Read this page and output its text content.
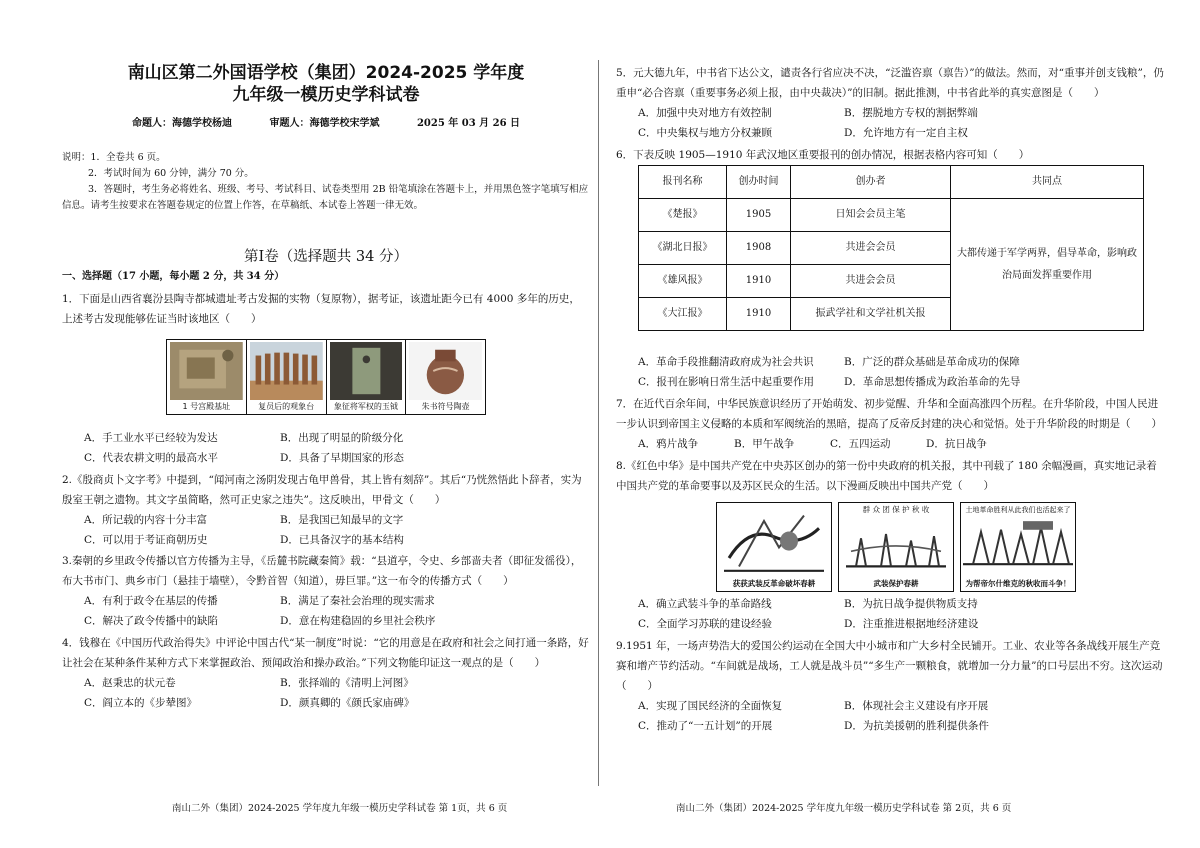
南山区第二外国语学校（集团）2024-2025 学年度
九年级一模历史学科试卷
命题人：海德学校杨迪	审题人：海德学校宋学斌	2025 年 03 月 26 日

说明：1．全卷共 6 页。

2．考试时间为 60 分钟，满分 70 分。

3．答题时，考生务必将姓名、班级、考号、考试科目、试卷类型用 2B 铅笔填涂在答题卡上，并用黑色签字笔填写相应信息。请考生按要求在答题卷规定的位置上作答，在草稿纸、本试卷上答题一律无效。

第Ⅰ卷（选择题共 34 分）
一、选择题（17 小题，每小题 2 分，共 34 分）

1．下面是山西省襄汾县陶寺都城遗址考古发掘的实物（复原物），据考证，该遗址距今已有 4000 多年的历史，上述考古发现能够佐证当时该地区（　　）

1 号宫殿基址	复员后的观象台	象征将军权的玉钺	朱书符号陶壶
A．手工业水平已经较为发达	B．出现了明显的阶级分化
C．代表农耕文明的最高水平	D．具备了早期国家的形态

2.《殷商贞卜文字考》中提到，“闻河南之汤阴发现古龟甲兽骨，其上皆有刻辞”。其后“乃恍然悟此卜辞者，实为殷室王朝之遗物。其文字虽简略，然可正史家之违失”。这反映出，甲骨文（　　）

A．所记载的内容十分丰富	B．是我国已知最早的文字
C．可以用于考证商朝历史	D．已具备汉字的基本结构

3.秦朝的乡里政令传播以官方传播为主导，《岳麓书院藏秦简》载：“县道亭，令史、乡部啬夫者（即征发徭役），布大书市门、典乡市门（悬挂于墙壁），令黔首智（知道），毋巨罪。”这一布令的传播方式（　　）

A．有利于政令在基层的传播	B．满足了秦社会治理的现实需求
C．解决了政令传播中的缺陷	D．意在构建稳固的乡里社会秩序

4．钱穆在《中国历代政治得失》中评论中国古代“某一制度”时说：“它的用意是在政府和社会之间打通一条路，好让社会在某种条件某种方式下来掌握政治、预闻政治和操办政治。”下列文物能印证这一观点的是（　　）

A．赵秉忠的状元卷	B．张择端的《清明上河图》
C．阎立本的《步辇图》	D．颜真卿的《颜氏家庙碑》
南山二外（集团）2024-2025 学年度九年级一模历史学科试卷 第 1页，共 6 页

5．元大德九年，中书省下达公文，谴责各行省应决不决，“泛滥咨禀（禀告）”的做法。然而，对“重事并创支钱粮”，仍重申“必合咨禀（重要事务必须上报，由中央裁决）”的旧制。据此推测，中书省此举的真实意图是（　　）

A．加强中央对地方有效控制	B．摆脱地方专权的割据弊端
C．中央集权与地方分权兼顾	D．允许地方有一定自主权

6．下表反映 1905—1910 年武汉地区重要报刊的创办情况，根据表格内容可知（　　）

报刊名称	创办时间	创办者	共同点
《楚报》	1905	日知会会员主笔	大都传递于军学两界，倡导革命，影响政治局面发挥重要作用
《湖北日报》	1908	共进会会员	
《雄风报》	1910	共进会会员	
《大江报》	1910	振武学社和文学社机关报	
A．革命手段推翻清政府成为社会共识	B．广泛的群众基础是革命成功的保障
C．报刊在影响日常生活中起重要作用	D．革命思想传播成为政治革命的先导

7．在近代百余年间，中华民族意识经历了开始萌发、初步觉醒、升华和全面高涨四个历程。在升华阶段，中国人民进一步认识到帝国主义侵略的本质和军阀统治的黑暗，提高了反帝反封建的决心和觉悟。处于升华阶段的时期是（　　）

A．鸦片战争	B．甲午战争	C．五四运动	D．抗日战争

8.《红色中华》是中国共产党在中央苏区创办的第一份中央政府的机关报，其中刊载了 180 余幅漫画，真实地记录着中国共产党的革命要事以及苏区民众的生活。以下漫画反映出中国共产党（　　）

获获武装反革命破坏春耕
群 众 团 保 护 秋 收
武装保护春耕
土地革命胜利从此我们也活起来了
为帮帝尔什维克的秋收而斗争！
A．确立武装斗争的革命路线	B．为抗日战争提供物质支持
C．全面学习苏联的建设经验	D．注重推进根据地经济建设

9.1951 年，一场声势浩大的爱国公约运动在全国大中小城市和广大乡村全民铺开。工业、农业等各条战线开展生产竞赛和增产节约活动。“车间就是战场，工人就是战斗员”“多生产一颗粮食，就增加一分力量”的口号层出不穷。这次运动（　　）

A．实现了国民经济的全面恢复	B．体现社会主义建设有序开展
C．推动了“一五计划”的开展	D．为抗美援朝的胜利提供条件
南山二外（集团）2024-2025 学年度九年级一模历史学科试卷 第 2页，共 6 页
